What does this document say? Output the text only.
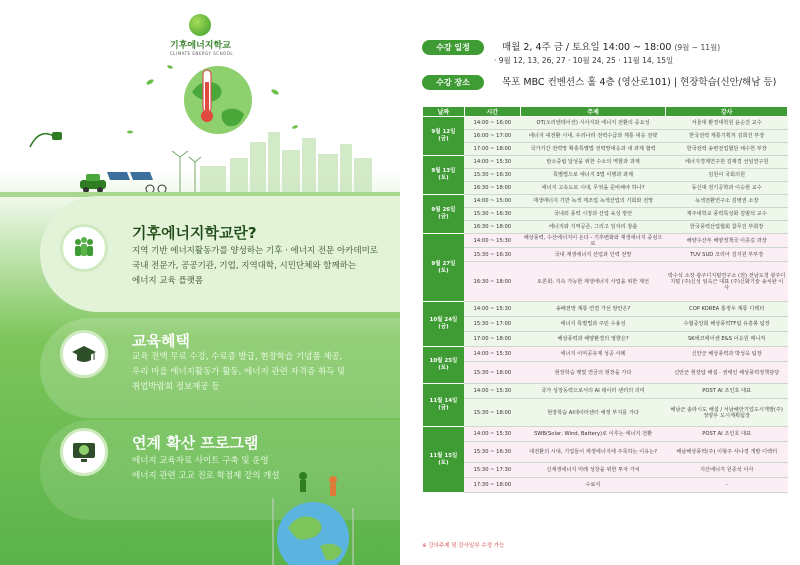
기후에너지학교
CLIMATE ENERGY SCHOOL
기후에너지학교란?
지역 기반 에너지활동가를 양성하는 기후 · 에너지 전문 아카데미로
국내 전문가, 공공기관, 기업, 지역대학, 시민단체와 함께하는
에너지 교육 플랫폼
교육혜택
교육 전액 무료 수강, 수료증 발급, 현장학습 기념품 제공,
우리 마을 에너지활동가 활동, 에너지 관련 자격증 취득 및
취업박람회 정보제공 등
연계 확산 프로그램
에너지 교육자료 사이트 구축 및 운영
에너지 관련 고교 진로 학점제 강의 개설
수강 일정	매월 2, 4주 금 / 토요일 14:00 ~ 18:00 (9월 ~ 11월)
· 9월 12, 13, 26, 27 · 10월 24, 25 · 11월 14, 15일
수강 장소	목포 MBC 컨벤션스 홀 4층 (영산로101) | 현장학습(신안/해남 등)
날짜	시간	주제	강사

9월 12일
(금)	14:00 ~ 16:00	OT(오리엔테이션) 시사지와 에너지 전환의 중요성	서울대 환경대학원 윤순진 교수
	16:00 ~ 17:00	에너지 대전환 시대, 우리나라 전력수급과 계통 대응 전략	한국전력 계통기획처 김희진 부장
	17:00 ~ 18:00	국가기간 전력망 확충특별법 전력망대응과 새 과제 협력	한국전력 송변전업협단 채수헌 부장

9월 13일
(토)	14:00 ~ 15:30	탄소중립 달성을 위한 수소의 역할과 과제	에너지경제연구원 김재경 선임연구원
	15:30 ~ 16:30	특별법으로 에너지 3법 이행과 과제	김원이 국회의원
	16:30 ~ 18:00	에너지 고속도로 시대, 무엇을 준비해야 하나?	동신대 전기공학과 이승현 교수

9월 26일
(금)	14:00 ~ 15:00	재생에너지 기반 녹색 제조업 녹색산업의 기회와 전망	녹색전환연구소 김병권 소장
	15:30 ~ 16:30	국내외 풍력 시장과 산업 육성 방안	제주대학교 풍력특성화 김범석 교수
	16:30 ~ 18:00	에너지와 지역공존, 그리고 일자리 창출	한국풍력산업협회 참무진 부회장

9월 27일
(토)	14:00 ~ 15:30	해상풍력, 수산에너지이 온다 - 기후변화와 재생에너지 중심으로	해양수산부 해양정책국 이종길 과장
	15:30 ~ 16:30	국내 재생에너지 산업과 인력 전망	TUV SUD 코리아 김지원 부부장
	16:30 ~ 18:00	토론회: 지속 가능한 재생에너지 사업을 위한 제언	박수석 소장 광주디지털연구소 (전) 전남도청 광주디지털 (주)신성 임옥근 대표 (주)신화기술 송치완 이사

10월 24일
(금)	14:00 ~ 15:30	송배전망 계통 연결 가선 방안은?	COP KOREA 홍정우 계통 디렉터
	15:30 ~ 17:00	에너지 특별법과 주민 수용성	수협중앙회 해상풍력TF팀 유흥봉 팀장
	17:00 ~ 18:00	해상풍력과 해양환경의 영향은?	SK에코에이센 E&S 이승원 매니저

10월 25일
(토)	14:00 ~ 15:30	에너지 이익공유제 성공 사례	신안군 해상풍력과 박성욱 팀장
	15:30 ~ 18:00	현장학습 햇빛 연금의 현장을 가다	신안군 현장답 해설 · 권태인 해상풍력정책담당

11월 14일
(금)	14:00 ~ 15:30	국가 성장동력으로서의 AI 데이터 센터의 의미	POST AI 조인호 대표
	15:30 ~ 18:00	현장학습 AI데이터센터 예정 부지를 가다	해남군 솔라시도 해설 / 서남해안기업도시개발(주) 정양우 도시계획팀장

11월 15일
(토)	14:00 ~ 15:30	SWB(Solar, Wind, Battery)로 이루는 에너지 전환	POST AI 조인호 대표
	15:30 ~ 16:30	대전환의 시대, 기업들이 재생에너지에 주목하는 이유는?	해남해상풍력(주) 이형주 사나경 개발 디렉터
	15:30 ~ 17:30	신재생에너지 미래 성장을 위한 투자 가치	지산에너지 원종석 이사
	17:30 ~ 18:00	수료식	-
※ 강의주제 및 강사일부 수정 가능
